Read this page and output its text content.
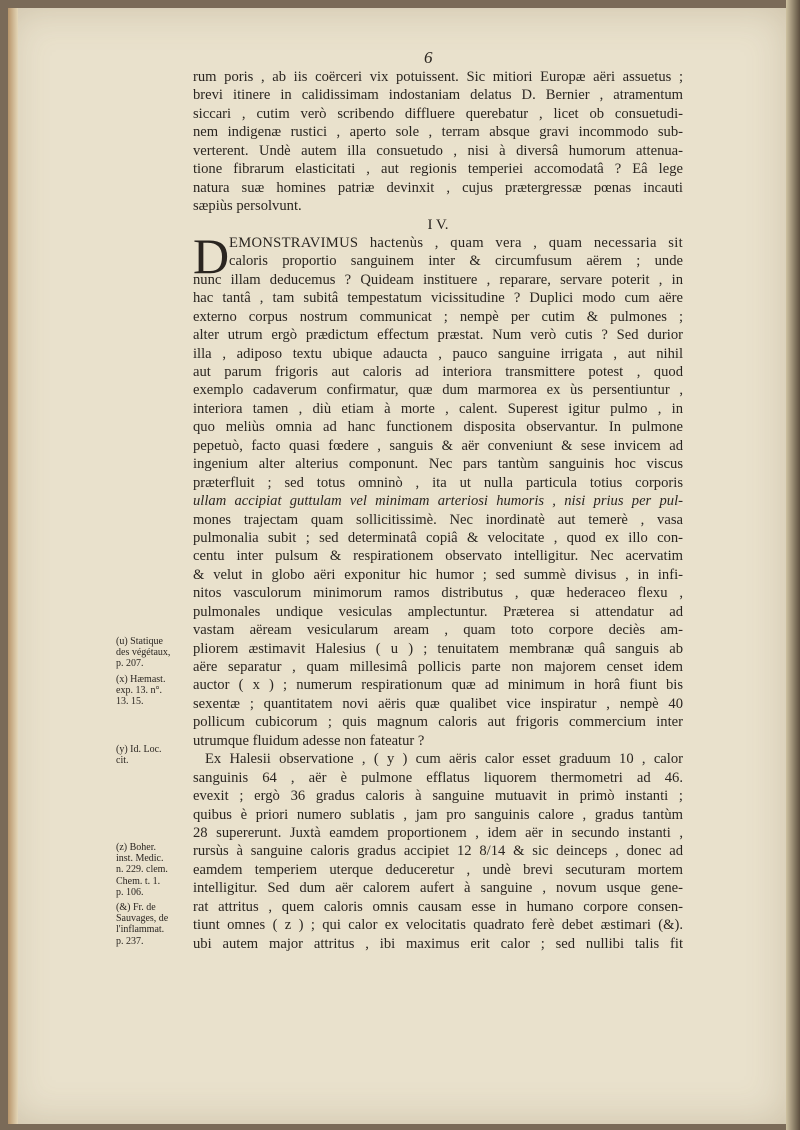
6
rum poris , ab iis coërceri vix potuissent. Sic mitiori Europæ aëri assuetus ;
brevi itinere in calidissimam indostaniam delatus D. Bernier , atramentum
siccari , cutim verò scribendo diffluere querebatur , licet ob consuetudi-
nem indigenæ rustici , aperto sole , terram absque gravi incommodo sub-
verterent. Undè autem illa consuetudo , nisi à diversâ humorum attenua-
tione fibrarum elasticitati , aut regionis temperiei accomodatâ ? Eâ lege
natura suæ homines patriæ devinxit , cujus prætergressæ pœnas incauti
sæpiùs persolvunt.
I V.
D EMONSTRAVIMUS hactenùs , quam vera , quam necessaria sit
caloris proportio sanguinem inter & circumfusum aërem ; unde
nunc illam deducemus ? Quideam instituere , reparare, servare poterit , in
hac tantâ , tam subitâ tempestatum vicissitudine ? Duplici modo cum aëre
externo corpus nostrum communicat ; nempè per cutim & pulmones ;
alter utrum ergò prædictum effectum præstat. Num verò cutis ? Sed durior
illa , adiposo textu ubique adaucta , pauco sanguine irrigata , aut nihil
aut parum frigoris aut caloris ad interiora transmittere potest , quod
exemplo cadaverum confirmatur, quæ dum marmorea ex ùs persentiuntur ,
interiora tamen , diù etiam à morte , calent. Superest igitur pulmo , in
quo meliùs omnia ad hanc functionem disposita observantur. In pulmone
pepetuò, facto quasi fœdere , sanguis & aër conveniunt & sese invicem ad
ingenium alter alterius componunt. Nec pars tantùm sanguinis hoc viscus
præterfluit ; sed totus omninò , ita ut nulla particula totius corporis
ullam accipiat guttulam vel minimam arteriosi humoris , nisi prius per pul-
mones trajectam quam sollicitissimè. Nec inordinatè aut temerè , vasa
pulmonalia subit ; sed determinatâ copiâ & velocitate , quod ex illo con-
centu inter pulsum & respirationem observato intelligitur. Nec acervatim
& velut in globo aëri exponitur hic humor ; sed summè divisus , in infi-
nitos vasculorum minimorum ramos distributus , quæ hederaceo flexu ,
pulmonales undique vesiculas amplectuntur. Præterea si attendatur ad
vastam aëream vesicularum aream , quam toto corpore deciès am-
pliorem æstimavit Halesius ( u ) ; tenuitatem membranæ quâ sanguis ab
aëre separatur , quam millesimâ pollicis parte non majorem censet idem
auctor ( x ) ; numerum respirationum quæ ad minimum in horâ fiunt bis
sexentæ ; quantitatem novi aëris quæ qualibet vice inspiratur , nempè 40
pollicum cubicorum ; quis magnum caloris aut frigoris commercium inter
utrumque fluidum adesse non fateatur ?
Ex Halesii observatione , ( y ) cum aëris calor esset graduum 10 , calor
sanguinis 64 , aër è pulmone efflatus liquorem thermometri ad 46.
evexit ; ergò 36 gradus caloris à sanguine mutuavit in primò instanti ;
quibus è priori numero sublatis , jam pro sanguinis calore , gradus tantùm
28 supererunt. Juxtà eamdem proportionem , idem aër in secundo instanti ,
rursùs à sanguine caloris gradus accipiet 12 8/14 & sic deinceps , donec ad
eamdem temperiem uterque deduceretur , undè brevi secuturam mortem
intelligitur. Sed dum aër calorem aufert à sanguine , novum usque gene-
rat attritus , quem caloris omnis causam esse in humano corpore consen-
tiunt omnes ( z ) ; qui calor ex velocitatis quadrato ferè debet æstimari (&).
ubi autem major attritus , ibi maximus erit calor ; sed nullibi talis fit
(u) Statique
des végétaux,
p. 207.
(x) Hæmast.
exp. 13. n°.
13. 15.
(y) Id. Loc.
cit.
(z) Boher.
inst. Medic.
n. 229. clem.
Chem. t. 1.
p. 106.
(&) Fr. de
Sauvages, de
l'inflammat.
p. 237.
